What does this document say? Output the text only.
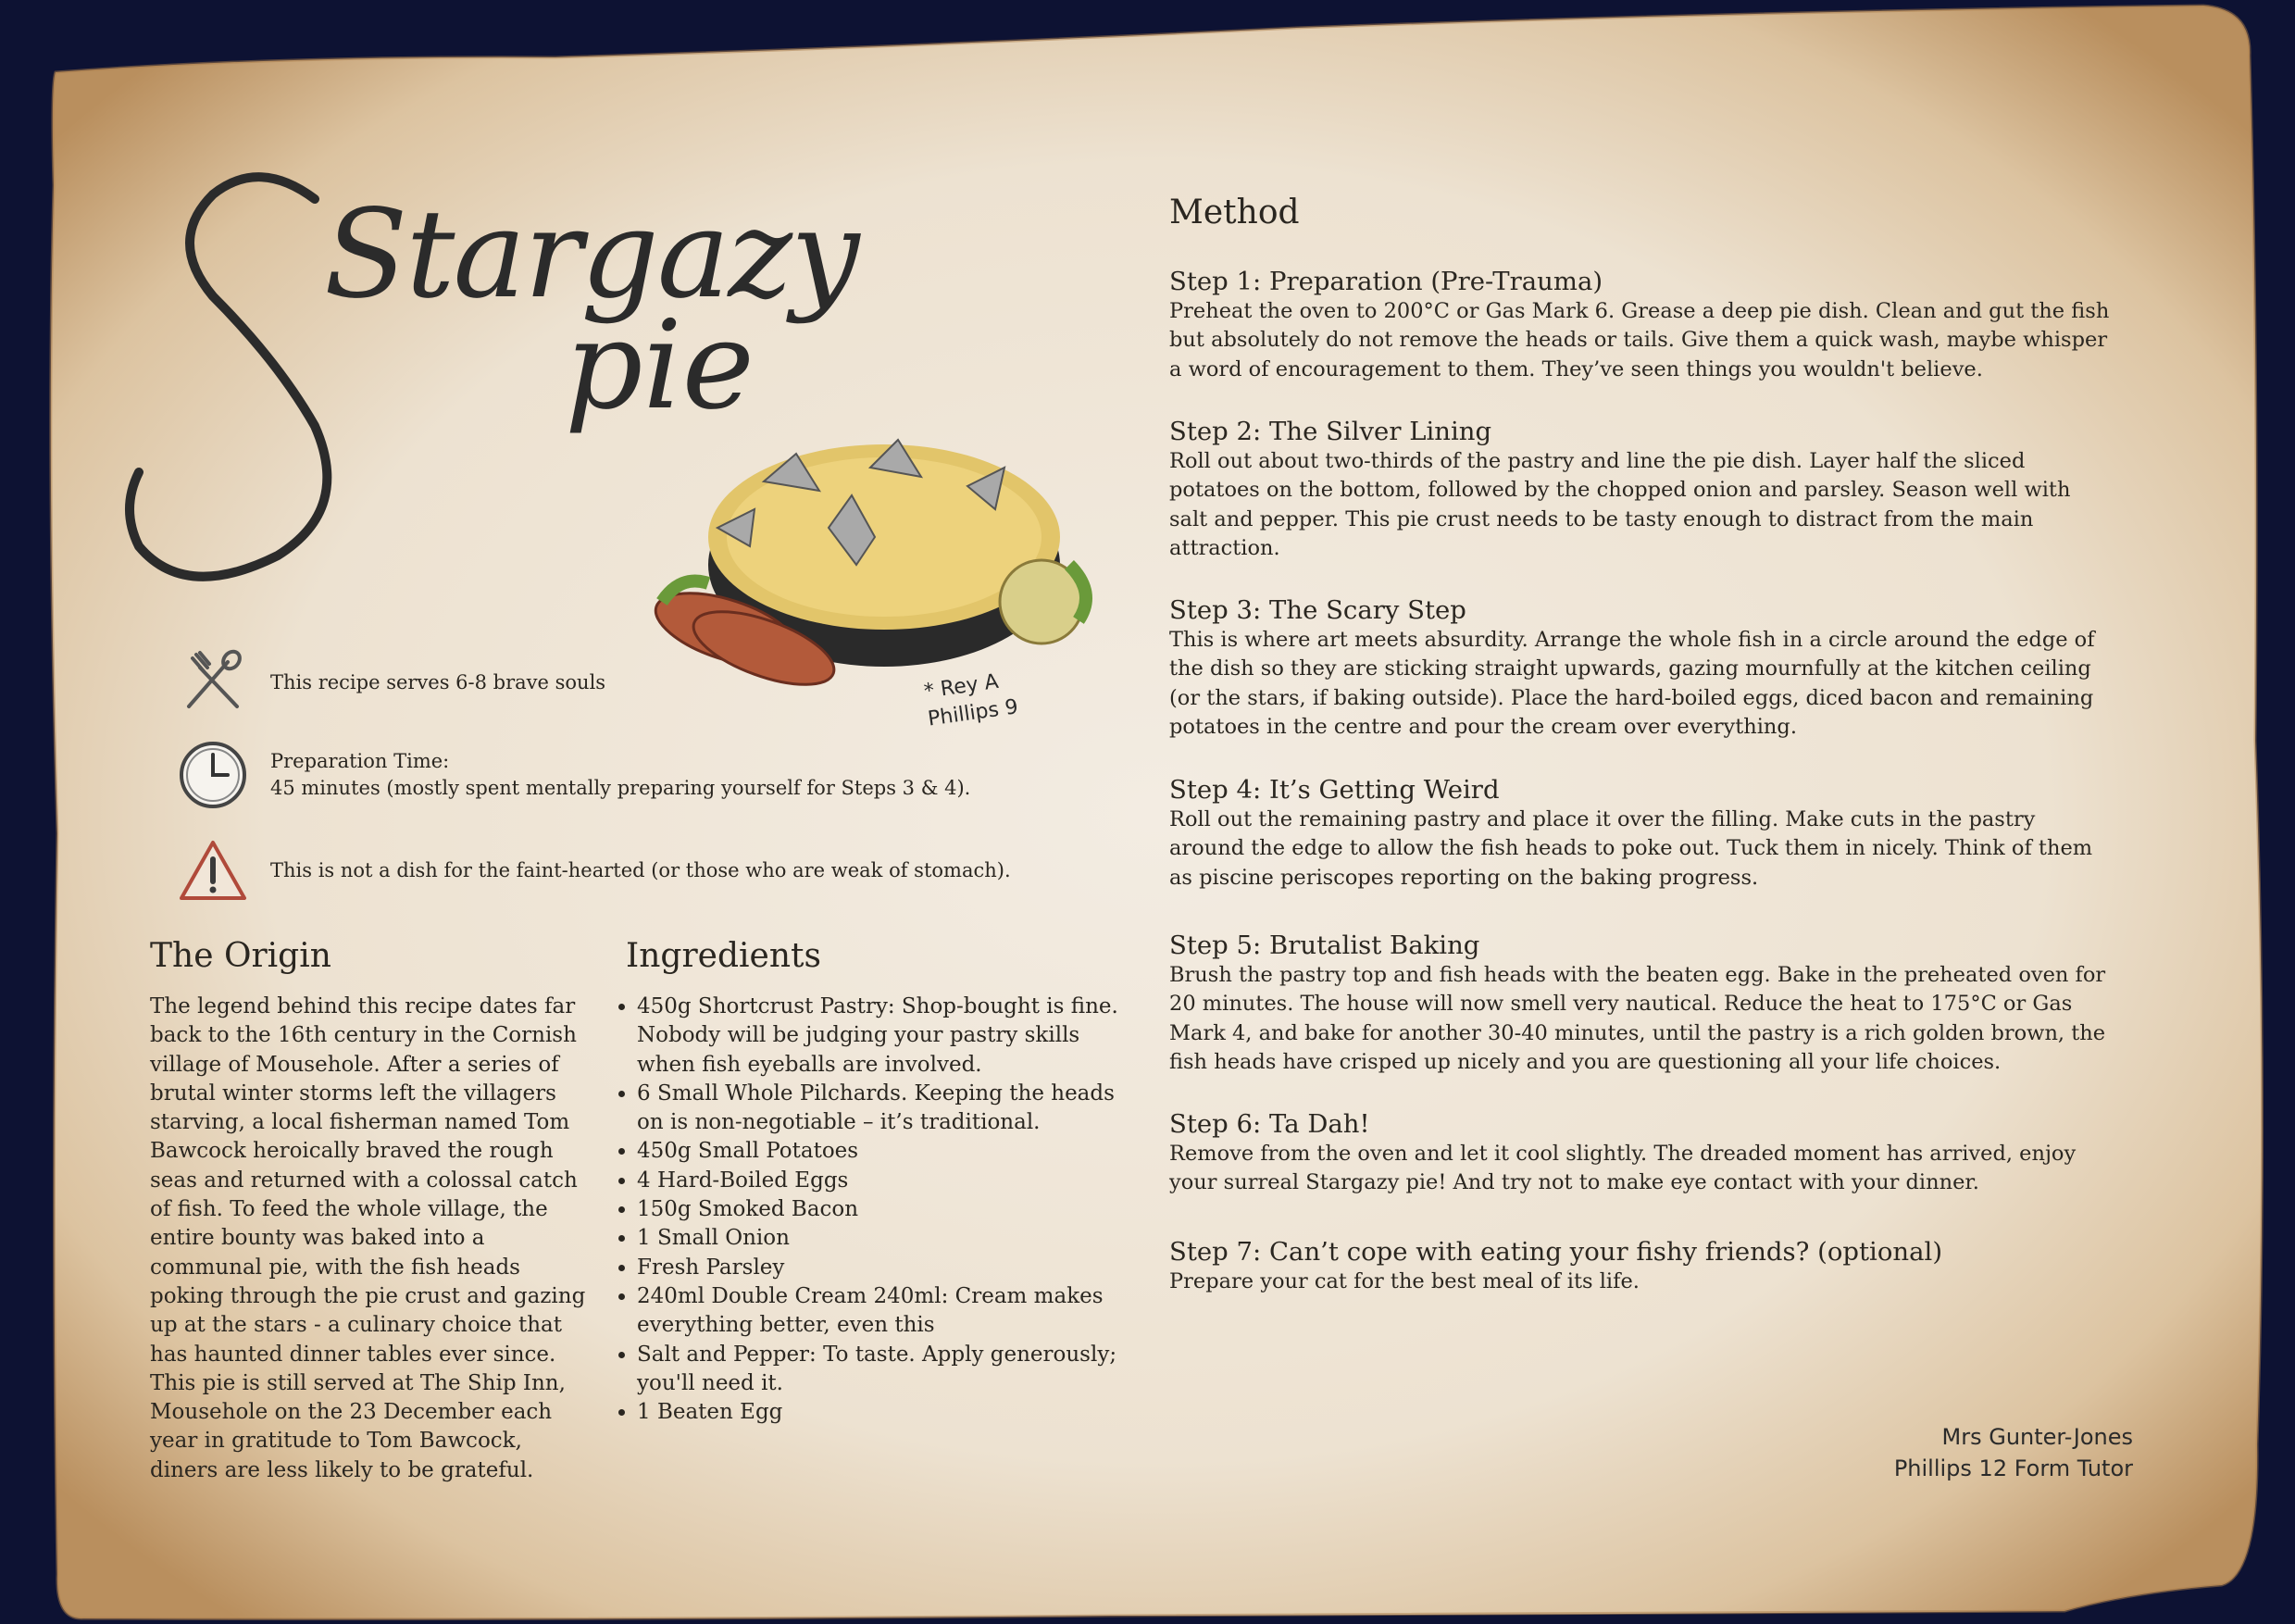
Stargazy
pie
* Rey A
Phillips 9
This recipe serves 6-8 brave souls
Preparation Time:
45 minutes (mostly spent mentally preparing yourself for Steps 3 & 4).
This is not a dish for the faint-hearted (or those who are weak of stomach).
The Origin
The legend behind this recipe dates far
back to the 16th century in the Cornish
village of Mousehole. After a series of
brutal winter storms left the villagers
starving, a local fisherman named Tom
Bawcock heroically braved the rough
seas and returned with a colossal catch
of fish. To feed the whole village, the
entire bounty was baked into a
communal pie, with the fish heads
poking through the pie crust and gazing
up at the stars - a culinary choice that
has haunted dinner tables ever since.
This pie is still served at The Ship Inn,
Mousehole on the 23 December each
year in gratitude to Tom Bawcock,
diners are less likely to be grateful.
Ingredients
• 450g Shortcrust Pastry: Shop-bought is fine.
Nobody will be judging your pastry skills
when fish eyeballs are involved.
• 6 Small Whole Pilchards. Keeping the heads
on is non-negotiable – it’s traditional.
• 450g Small Potatoes
• 4 Hard-Boiled Eggs
• 150g Smoked Bacon
• 1 Small Onion
• Fresh Parsley
• 240ml Double Cream 240ml: Cream makes
everything better, even this
• Salt and Pepper: To taste. Apply generously;
you'll need it.
• 1 Beaten Egg
Method
Step 1: Preparation (Pre-Trauma)
Preheat the oven to 200°C or Gas Mark 6. Grease a deep pie dish. Clean and gut the fish
but absolutely do not remove the heads or tails. Give them a quick wash, maybe whisper
a word of encouragement to them. They’ve seen things you wouldn't believe.
Step 2: The Silver Lining
Roll out about two-thirds of the pastry and line the pie dish. Layer half the sliced
potatoes on the bottom, followed by the chopped onion and parsley. Season well with
salt and pepper. This pie crust needs to be tasty enough to distract from the main
attraction.
Step 3: The Scary Step
This is where art meets absurdity. Arrange the whole fish in a circle around the edge of
the dish so they are sticking straight upwards, gazing mournfully at the kitchen ceiling
(or the stars, if baking outside). Place the hard-boiled eggs, diced bacon and remaining
potatoes in the centre and pour the cream over everything.
Step 4: It’s Getting Weird
Roll out the remaining pastry and place it over the filling. Make cuts in the pastry
around the edge to allow the fish heads to poke out. Tuck them in nicely. Think of them
as piscine periscopes reporting on the baking progress.
Step 5: Brutalist Baking
Brush the pastry top and fish heads with the beaten egg. Bake in the preheated oven for
20 minutes. The house will now smell very nautical. Reduce the heat to 175°C or Gas
Mark 4, and bake for another 30-40 minutes, until the pastry is a rich golden brown, the
fish heads have crisped up nicely and you are questioning all your life choices.
Step 6: Ta Dah!
Remove from the oven and let it cool slightly. The dreaded moment has arrived, enjoy
your surreal Stargazy pie! And try not to make eye contact with your dinner.
Step 7: Can’t cope with eating your fishy friends? (optional)
Prepare your cat for the best meal of its life.
Mrs Gunter-Jones
Phillips 12 Form Tutor
